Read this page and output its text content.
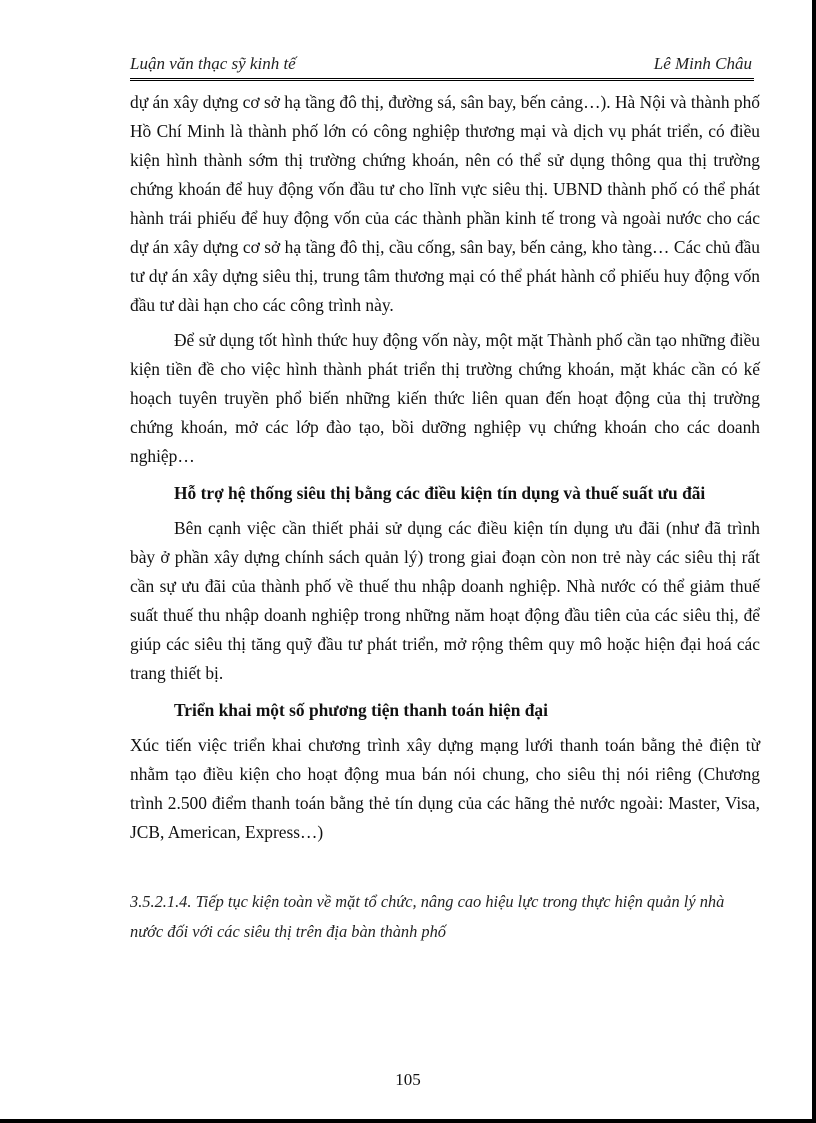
Luận văn thạc sỹ kinh tế	Lê Minh Châu

dự án xây dựng cơ sở hạ tầng đô thị, đường sá, sân bay, bến cảng…). Hà Nội và thành phố Hồ Chí Minh là thành phố lớn có công nghiệp thương mại và dịch vụ phát triển, có điều kiện hình thành sớm thị trường chứng khoán, nên có thể sử dụng thông qua thị trường chứng khoán để huy động vốn đầu tư cho lĩnh vực siêu thị. UBND thành phố có thể phát hành trái phiếu để huy động vốn của các thành phần kinh tế trong và ngoài nước cho các dự án xây dựng cơ sở hạ tầng đô thị, cầu cống, sân bay, bến cảng, kho tàng… Các chủ đầu tư dự án xây dựng siêu thị, trung tâm thương mại có thể phát hành cổ phiếu huy động vốn đầu tư dài hạn cho các công trình này.

Để sử dụng tốt hình thức huy động vốn này, một mặt Thành phố cần tạo những điều kiện tiền đề cho việc hình thành phát triển thị trường chứng khoán, mặt khác cần có kế hoạch tuyên truyền phổ biến những kiến thức liên quan đến hoạt động của thị trường chứng khoán, mở các lớp đào tạo, bồi dưỡng nghiệp vụ chứng khoán cho các doanh nghiệp…

Hỗ trợ hệ thống siêu thị bằng các điều kiện tín dụng và thuế suất ưu đãi

Bên cạnh việc cần thiết phải sử dụng các điều kiện tín dụng ưu đãi (như đã trình bày ở phần xây dựng chính sách quản lý) trong giai đoạn còn non trẻ này các siêu thị rất cần sự ưu đãi của thành phố về thuế thu nhập doanh nghiệp. Nhà nước có thể giảm thuế suất thuế thu nhập doanh nghiệp trong những năm hoạt động đầu tiên của các siêu thị, để giúp các siêu thị tăng quỹ đầu tư phát triển, mở rộng thêm quy mô hoặc hiện đại hoá các trang thiết bị.

Triển khai một số phương tiện thanh toán hiện đại

Xúc tiến việc triển khai chương trình xây dựng mạng lưới thanh toán bằng thẻ điện từ nhằm tạo điều kiện cho hoạt động mua bán nói chung, cho siêu thị nói riêng (Chương trình 2.500 điểm thanh toán bằng thẻ tín dụng của các hãng thẻ nước ngoài: Master, Visa, JCB, American, Express…)

3.5.2.1.4. Tiếp tục kiện toàn về mặt tổ chức, nâng cao hiệu lực trong thực hiện quản lý nhà nước đối với các siêu thị trên địa bàn thành phố

105
